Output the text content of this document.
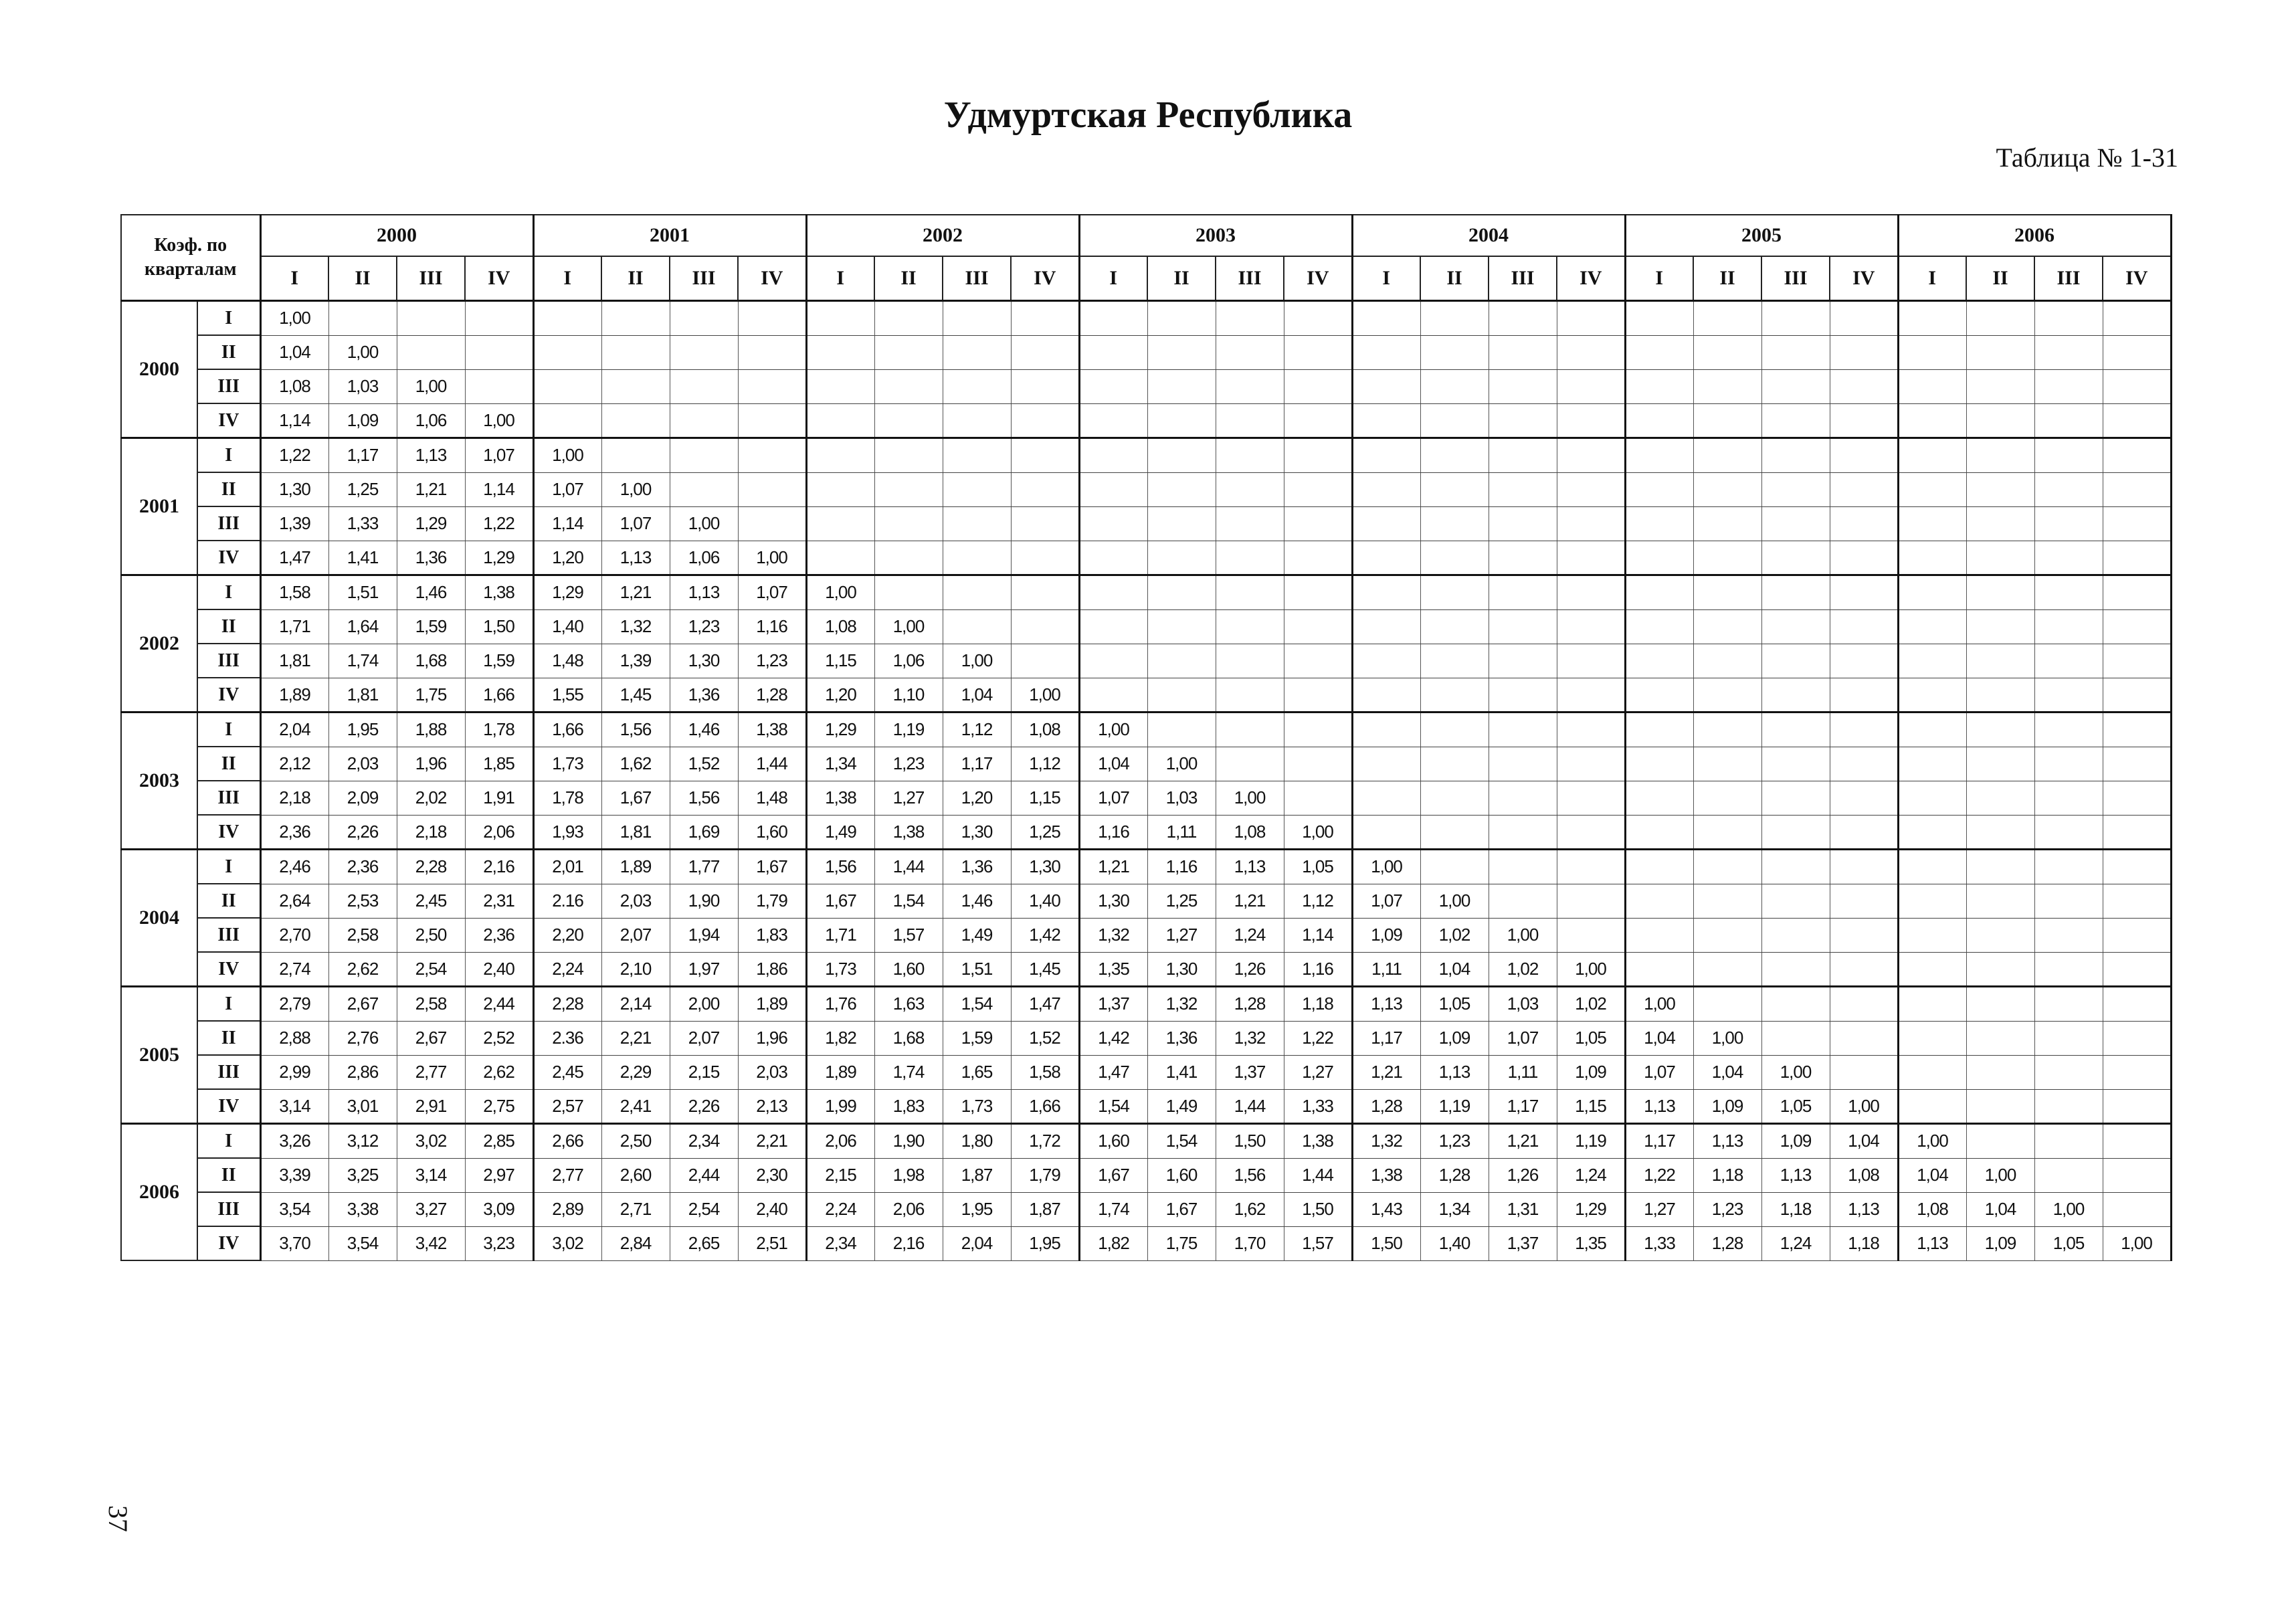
Удмуртская Республика
Таблица № 1-31
Коэф. по
кварталам		2000				2001				2002				2003				2004				2005				2006			
		I	II	III	IV	I	II	III	IV	I	II	III	IV	I	II	III	IV	I	II	III	IV	I	II	III	IV	I	II	III	IV
2000	I	1,00																											
	II	1,04	1,00																										
	III	1,08	1,03	1,00																									
	IV	1,14	1,09	1,06	1,00																								
2001	I	1,22	1,17	1,13	1,07	1,00																							
	II	1,30	1,25	1,21	1,14	1,07	1,00																						
	III	1,39	1,33	1,29	1,22	1,14	1,07	1,00																					
	IV	1,47	1,41	1,36	1,29	1,20	1,13	1,06	1,00																				
2002	I	1,58	1,51	1,46	1,38	1,29	1,21	1,13	1,07	1,00																			
	II	1,71	1,64	1,59	1,50	1,40	1,32	1,23	1,16	1,08	1,00																		
	III	1,81	1,74	1,68	1,59	1,48	1,39	1,30	1,23	1,15	1,06	1,00																	
	IV	1,89	1,81	1,75	1,66	1,55	1,45	1,36	1,28	1,20	1,10	1,04	1,00																
2003	I	2,04	1,95	1,88	1,78	1,66	1,56	1,46	1,38	1,29	1,19	1,12	1,08	1,00															
	II	2,12	2,03	1,96	1,85	1,73	1,62	1,52	1,44	1,34	1,23	1,17	1,12	1,04	1,00														
	III	2,18	2,09	2,02	1,91	1,78	1,67	1,56	1,48	1,38	1,27	1,20	1,15	1,07	1,03	1,00													
	IV	2,36	2,26	2,18	2,06	1,93	1,81	1,69	1,60	1,49	1,38	1,30	1,25	1,16	1,11	1,08	1,00												
2004	I	2,46	2,36	2,28	2,16	2,01	1,89	1,77	1,67	1,56	1,44	1,36	1,30	1,21	1,16	1,13	1,05	1,00											
	II	2,64	2,53	2,45	2,31	2.16	2,03	1,90	1,79	1,67	1,54	1,46	1,40	1,30	1,25	1,21	1,12	1,07	1,00										
	III	2,70	2,58	2,50	2,36	2,20	2,07	1,94	1,83	1,71	1,57	1,49	1,42	1,32	1,27	1,24	1,14	1,09	1,02	1,00									
	IV	2,74	2,62	2,54	2,40	2,24	2,10	1,97	1,86	1,73	1,60	1,51	1,45	1,35	1,30	1,26	1,16	1,11	1,04	1,02	1,00								
2005	I	2,79	2,67	2,58	2,44	2,28	2,14	2,00	1,89	1,76	1,63	1,54	1,47	1,37	1,32	1,28	1,18	1,13	1,05	1,03	1,02	1,00							
	II	2,88	2,76	2,67	2,52	2.36	2,21	2,07	1,96	1,82	1,68	1,59	1,52	1,42	1,36	1,32	1,22	1,17	1,09	1,07	1,05	1,04	1,00						
	III	2,99	2,86	2,77	2,62	2,45	2,29	2,15	2,03	1,89	1,74	1,65	1,58	1,47	1,41	1,37	1,27	1,21	1,13	1,11	1,09	1,07	1,04	1,00					
	IV	3,14	3,01	2,91	2,75	2,57	2,41	2,26	2,13	1,99	1,83	1,73	1,66	1,54	1,49	1,44	1,33	1,28	1,19	1,17	1,15	1,13	1,09	1,05	1,00				
2006	I	3,26	3,12	3,02	2,85	2,66	2,50	2,34	2,21	2,06	1,90	1,80	1,72	1,60	1,54	1,50	1,38	1,32	1,23	1,21	1,19	1,17	1,13	1,09	1,04	1,00			
	II	3,39	3,25	3,14	2,97	2,77	2,60	2,44	2,30	2,15	1,98	1,87	1,79	1,67	1,60	1,56	1,44	1,38	1,28	1,26	1,24	1,22	1,18	1,13	1,08	1,04	1,00		
	III	3,54	3,38	3,27	3,09	2,89	2,71	2,54	2,40	2,24	2,06	1,95	1,87	1,74	1,67	1,62	1,50	1,43	1,34	1,31	1,29	1,27	1,23	1,18	1,13	1,08	1,04	1,00	
	IV	3,70	3,54	3,42	3,23	3,02	2,84	2,65	2,51	2,34	2,16	2,04	1,95	1,82	1,75	1,70	1,57	1,50	1,40	1,37	1,35	1,33	1,28	1,24	1,18	1,13	1,09	1,05	1,00
37
